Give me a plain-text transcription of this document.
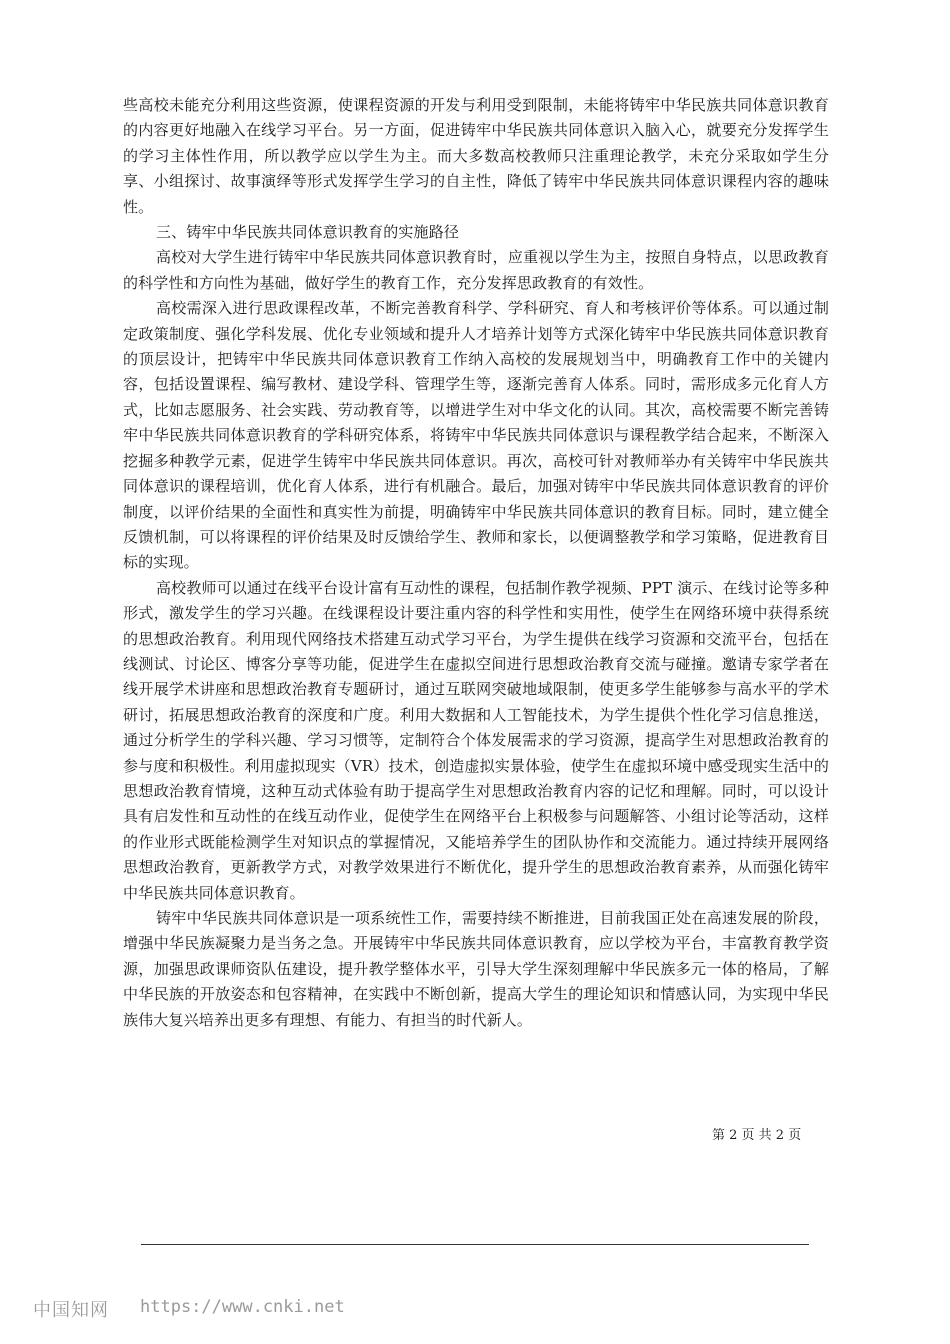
些高校未能充分利用这些资源，使课程资源的开发与利用受到限制，未能将铸牢中华民族共同体意识教育的内容更好地融入在线学习平台。另一方面，促进铸牢中华民族共同体意识入脑入心，就要充分发挥学生的学习主体性作用，所以教学应以学生为主。而大多数高校教师只注重理论教学，未充分采取如学生分享、小组探讨、故事演绎等形式发挥学生学习的自主性，降低了铸牢中华民族共同体意识课程内容的趣味性。

三、铸牢中华民族共同体意识教育的实施路径

高校对大学生进行铸牢中华民族共同体意识教育时，应重视以学生为主，按照自身特点，以思政教育的科学性和方向性为基础，做好学生的教育工作，充分发挥思政教育的有效性。

高校需深入进行思政课程改革，不断完善教育科学、学科研究、育人和考核评价等体系。可以通过制定政策制度、强化学科发展、优化专业领域和提升人才培养计划等方式深化铸牢中华民族共同体意识教育的顶层设计，把铸牢中华民族共同体意识教育工作纳入高校的发展规划当中，明确教育工作中的关键内容，包括设置课程、编写教材、建设学科、管理学生等，逐渐完善育人体系。同时，需形成多元化育人方式，比如志愿服务、社会实践、劳动教育等，以增进学生对中华文化的认同。其次，高校需要不断完善铸牢中华民族共同体意识教育的学科研究体系，将铸牢中华民族共同体意识与课程教学结合起来，不断深入挖掘多种教学元素，促进学生铸牢中华民族共同体意识。再次，高校可针对教师举办有关铸牢中华民族共同体意识的课程培训，优化育人体系，进行有机融合。最后，加强对铸牢中华民族共同体意识教育的评价制度，以评价结果的全面性和真实性为前提，明确铸牢中华民族共同体意识的教育目标。同时，建立健全反馈机制，可以将课程的评价结果及时反馈给学生、教师和家长，以便调整教学和学习策略，促进教育目标的实现。

高校教师可以通过在线平台设计富有互动性的课程，包括制作教学视频、PPT 演示、在线讨论等多种形式，激发学生的学习兴趣。在线课程设计要注重内容的科学性和实用性，使学生在网络环境中获得系统的思想政治教育。利用现代网络技术搭建互动式学习平台，为学生提供在线学习资源和交流平台，包括在线测试、讨论区、博客分享等功能，促进学生在虚拟空间进行思想政治教育交流与碰撞。邀请专家学者在线开展学术讲座和思想政治教育专题研讨，通过互联网突破地域限制，使更多学生能够参与高水平的学术研讨，拓展思想政治教育的深度和广度。利用大数据和人工智能技术，为学生提供个性化学习信息推送，通过分析学生的学科兴趣、学习习惯等，定制符合个体发展需求的学习资源，提高学生对思想政治教育的参与度和积极性。利用虚拟现实（VR）技术，创造虚拟实景体验，使学生在虚拟环境中感受现实生活中的思想政治教育情境，这种互动式体验有助于提高学生对思想政治教育内容的记忆和理解。同时，可以设计具有启发性和互动性的在线互动作业，促使学生在网络平台上积极参与问题解答、小组讨论等活动，这样的作业形式既能检测学生对知识点的掌握情况，又能培养学生的团队协作和交流能力。通过持续开展网络思想政治教育，更新教学方式，对教学效果进行不断优化，提升学生的思想政治教育素养，从而强化铸牢中华民族共同体意识教育。

铸牢中华民族共同体意识是一项系统性工作，需要持续不断推进，目前我国正处在高速发展的阶段，增强中华民族凝聚力是当务之急。开展铸牢中华民族共同体意识教育，应以学校为平台，丰富教育教学资源，加强思政课师资队伍建设，提升教学整体水平，引导大学生深刻理解中华民族多元一体的格局，了解中华民族的开放姿态和包容精神，在实践中不断创新，提高大学生的理论知识和情感认同，为实现中华民族伟大复兴培养出更多有理想、有能力、有担当的时代新人。

第 2 页 共 2 页
中国知网 https://www.cnki.net
